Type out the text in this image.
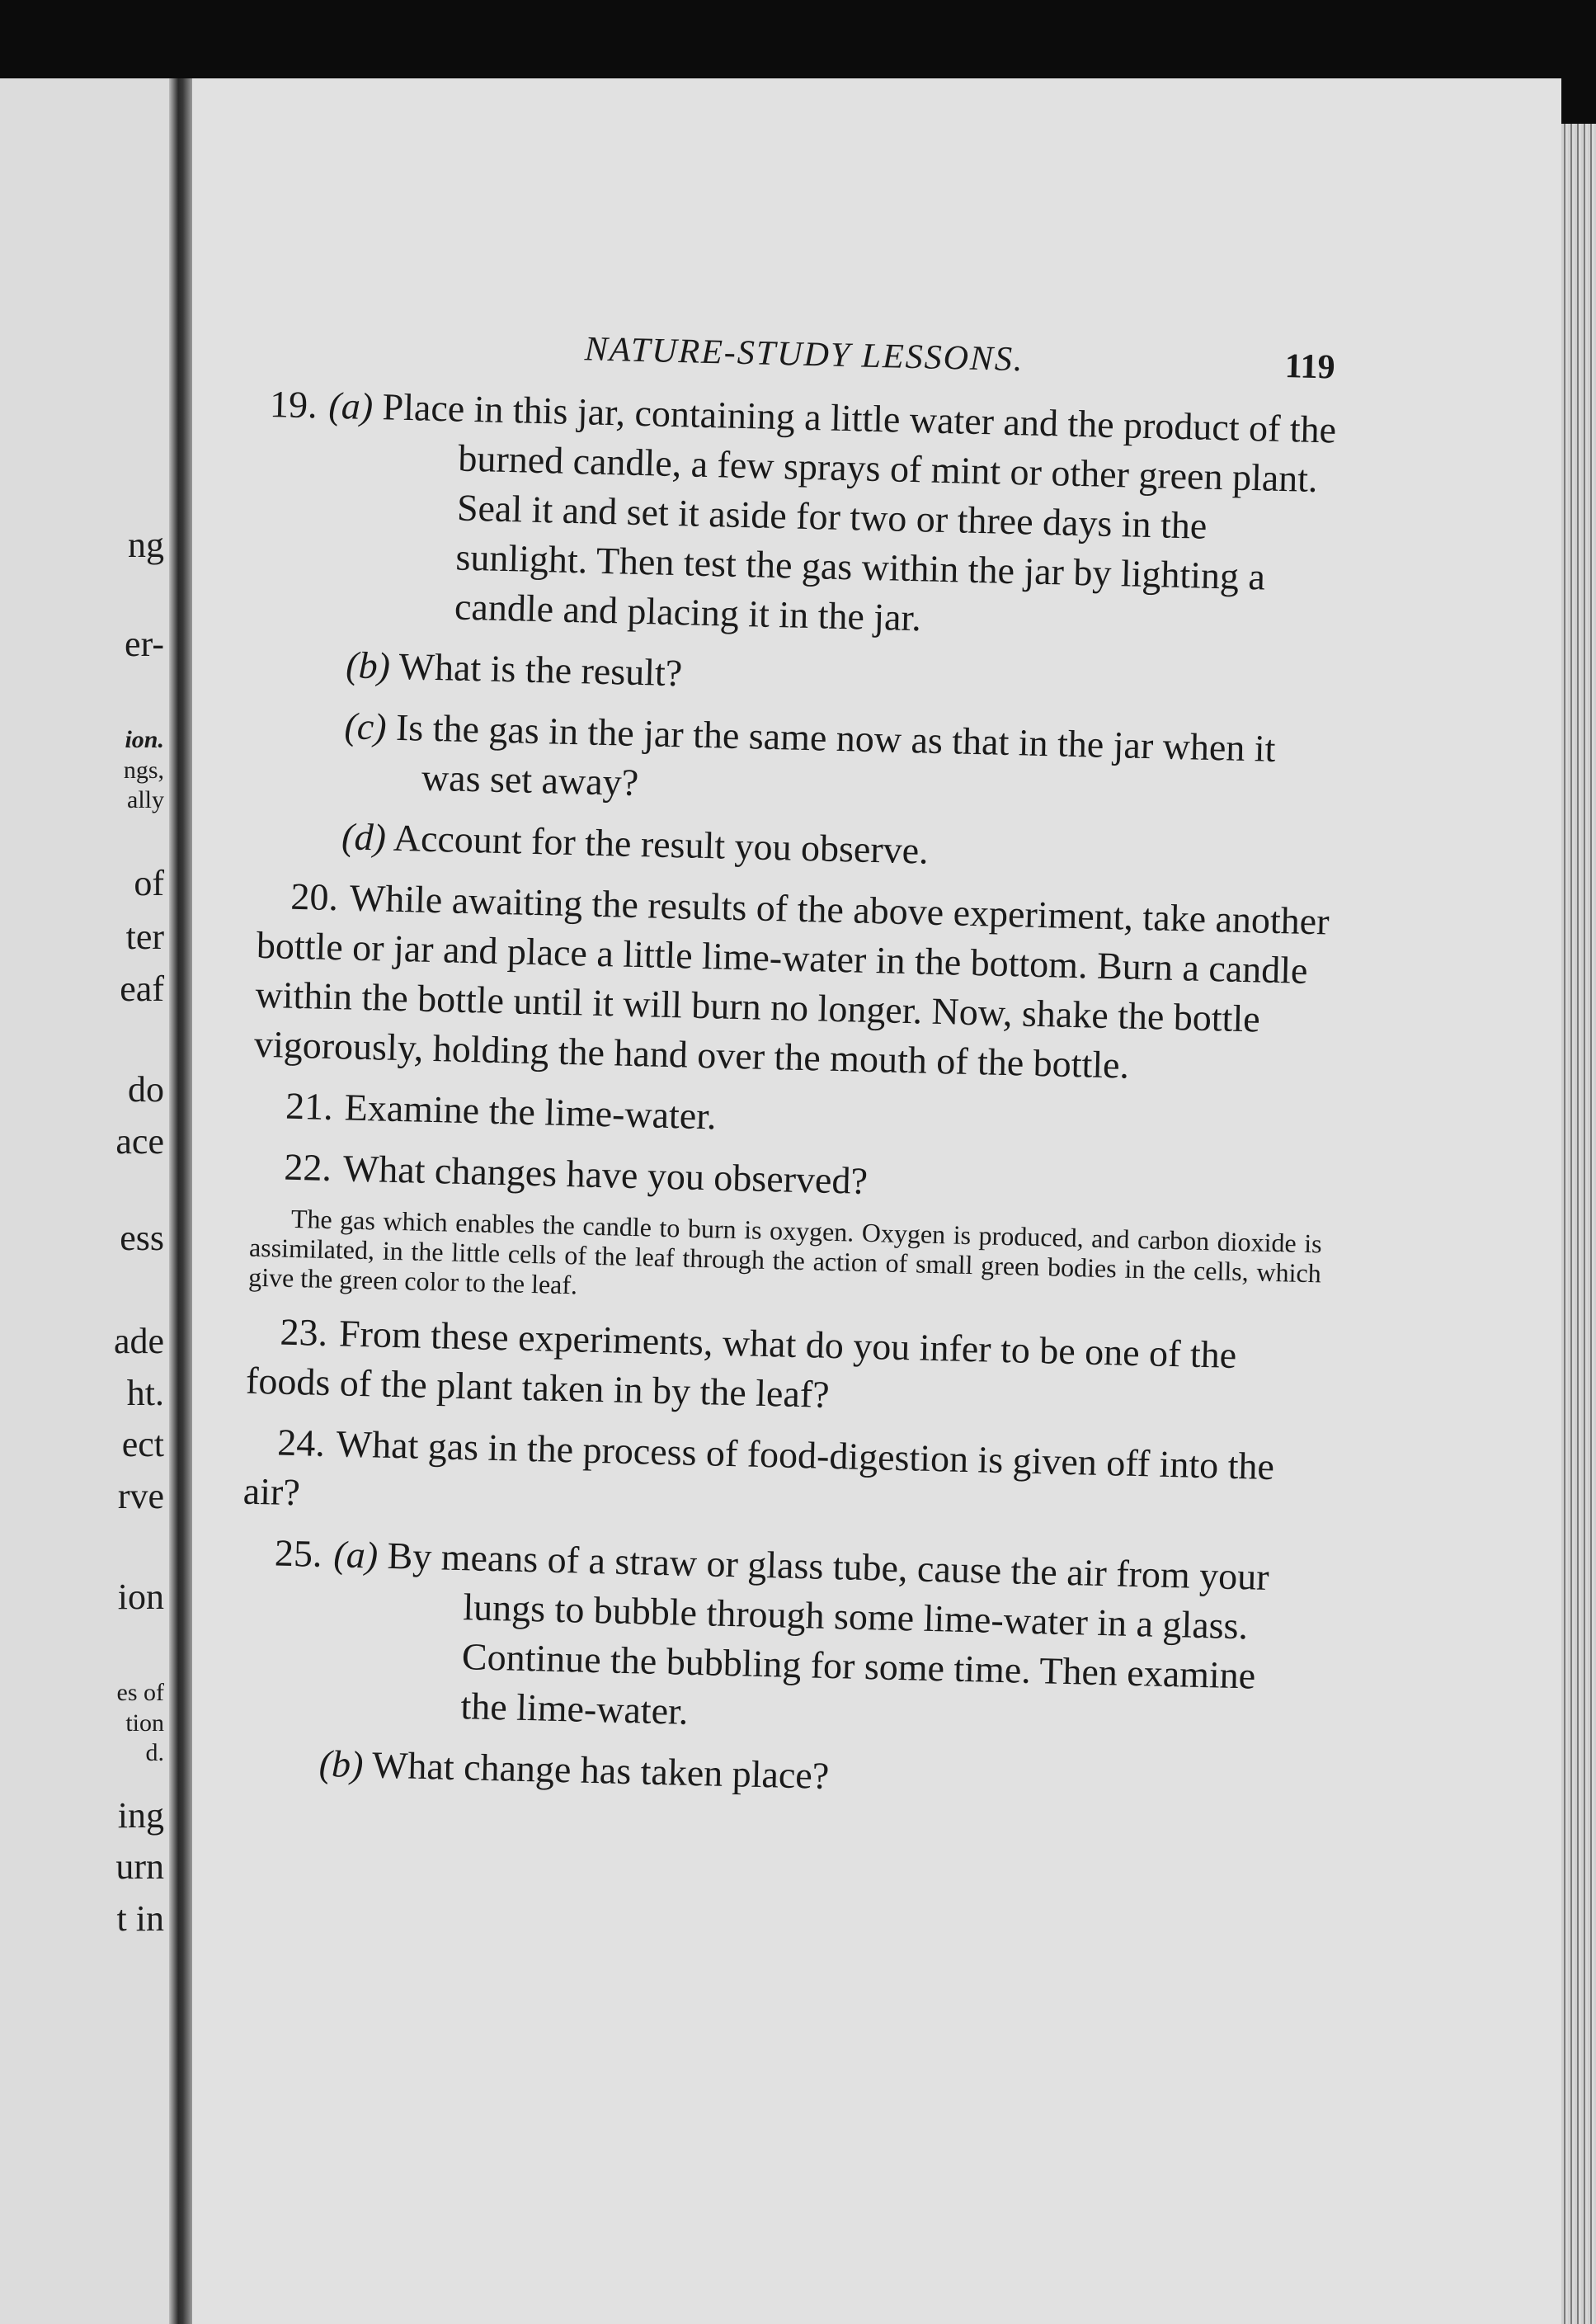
ng
er-
ion.
ngs,
ally
of
ter
eaf
do
ace
ess
ade
ht.
ect
rve
ion
es of
tion
d.
ing
urn
t in
NATURE-STUDY LESSONS.	119

19. (a) Place in this jar, containing a little water and the product of the burned candle, a few sprays of mint or other green plant. Seal it and set it aside for two or three days in the sunlight. Then test the gas within the jar by lighting a candle and placing it in the jar.

(b) What is the result?

(c) Is the gas in the jar the same now as that in the jar when it was set away?

(d) Account for the result you observe.

20. While awaiting the results of the above experiment, take another bottle or jar and place a little lime-water in the bottom. Burn a candle within the bottle until it will burn no longer. Now, shake the bottle vigorously, holding the hand over the mouth of the bottle.

21. Examine the lime-water.

22. What changes have you observed?

The gas which enables the candle to burn is oxygen. Oxygen is produced, and carbon dioxide is assimilated, in the little cells of the leaf through the action of small green bodies in the cells, which give the green color to the leaf.

23. From these experiments, what do you infer to be one of the foods of the plant taken in by the leaf?

24. What gas in the process of food-digestion is given off into the air?

25. (a) By means of a straw or glass tube, cause the air from your lungs to bubble through some lime-water in a glass. Continue the bubbling for some time. Then examine the lime-water.

(b) What change has taken place?
